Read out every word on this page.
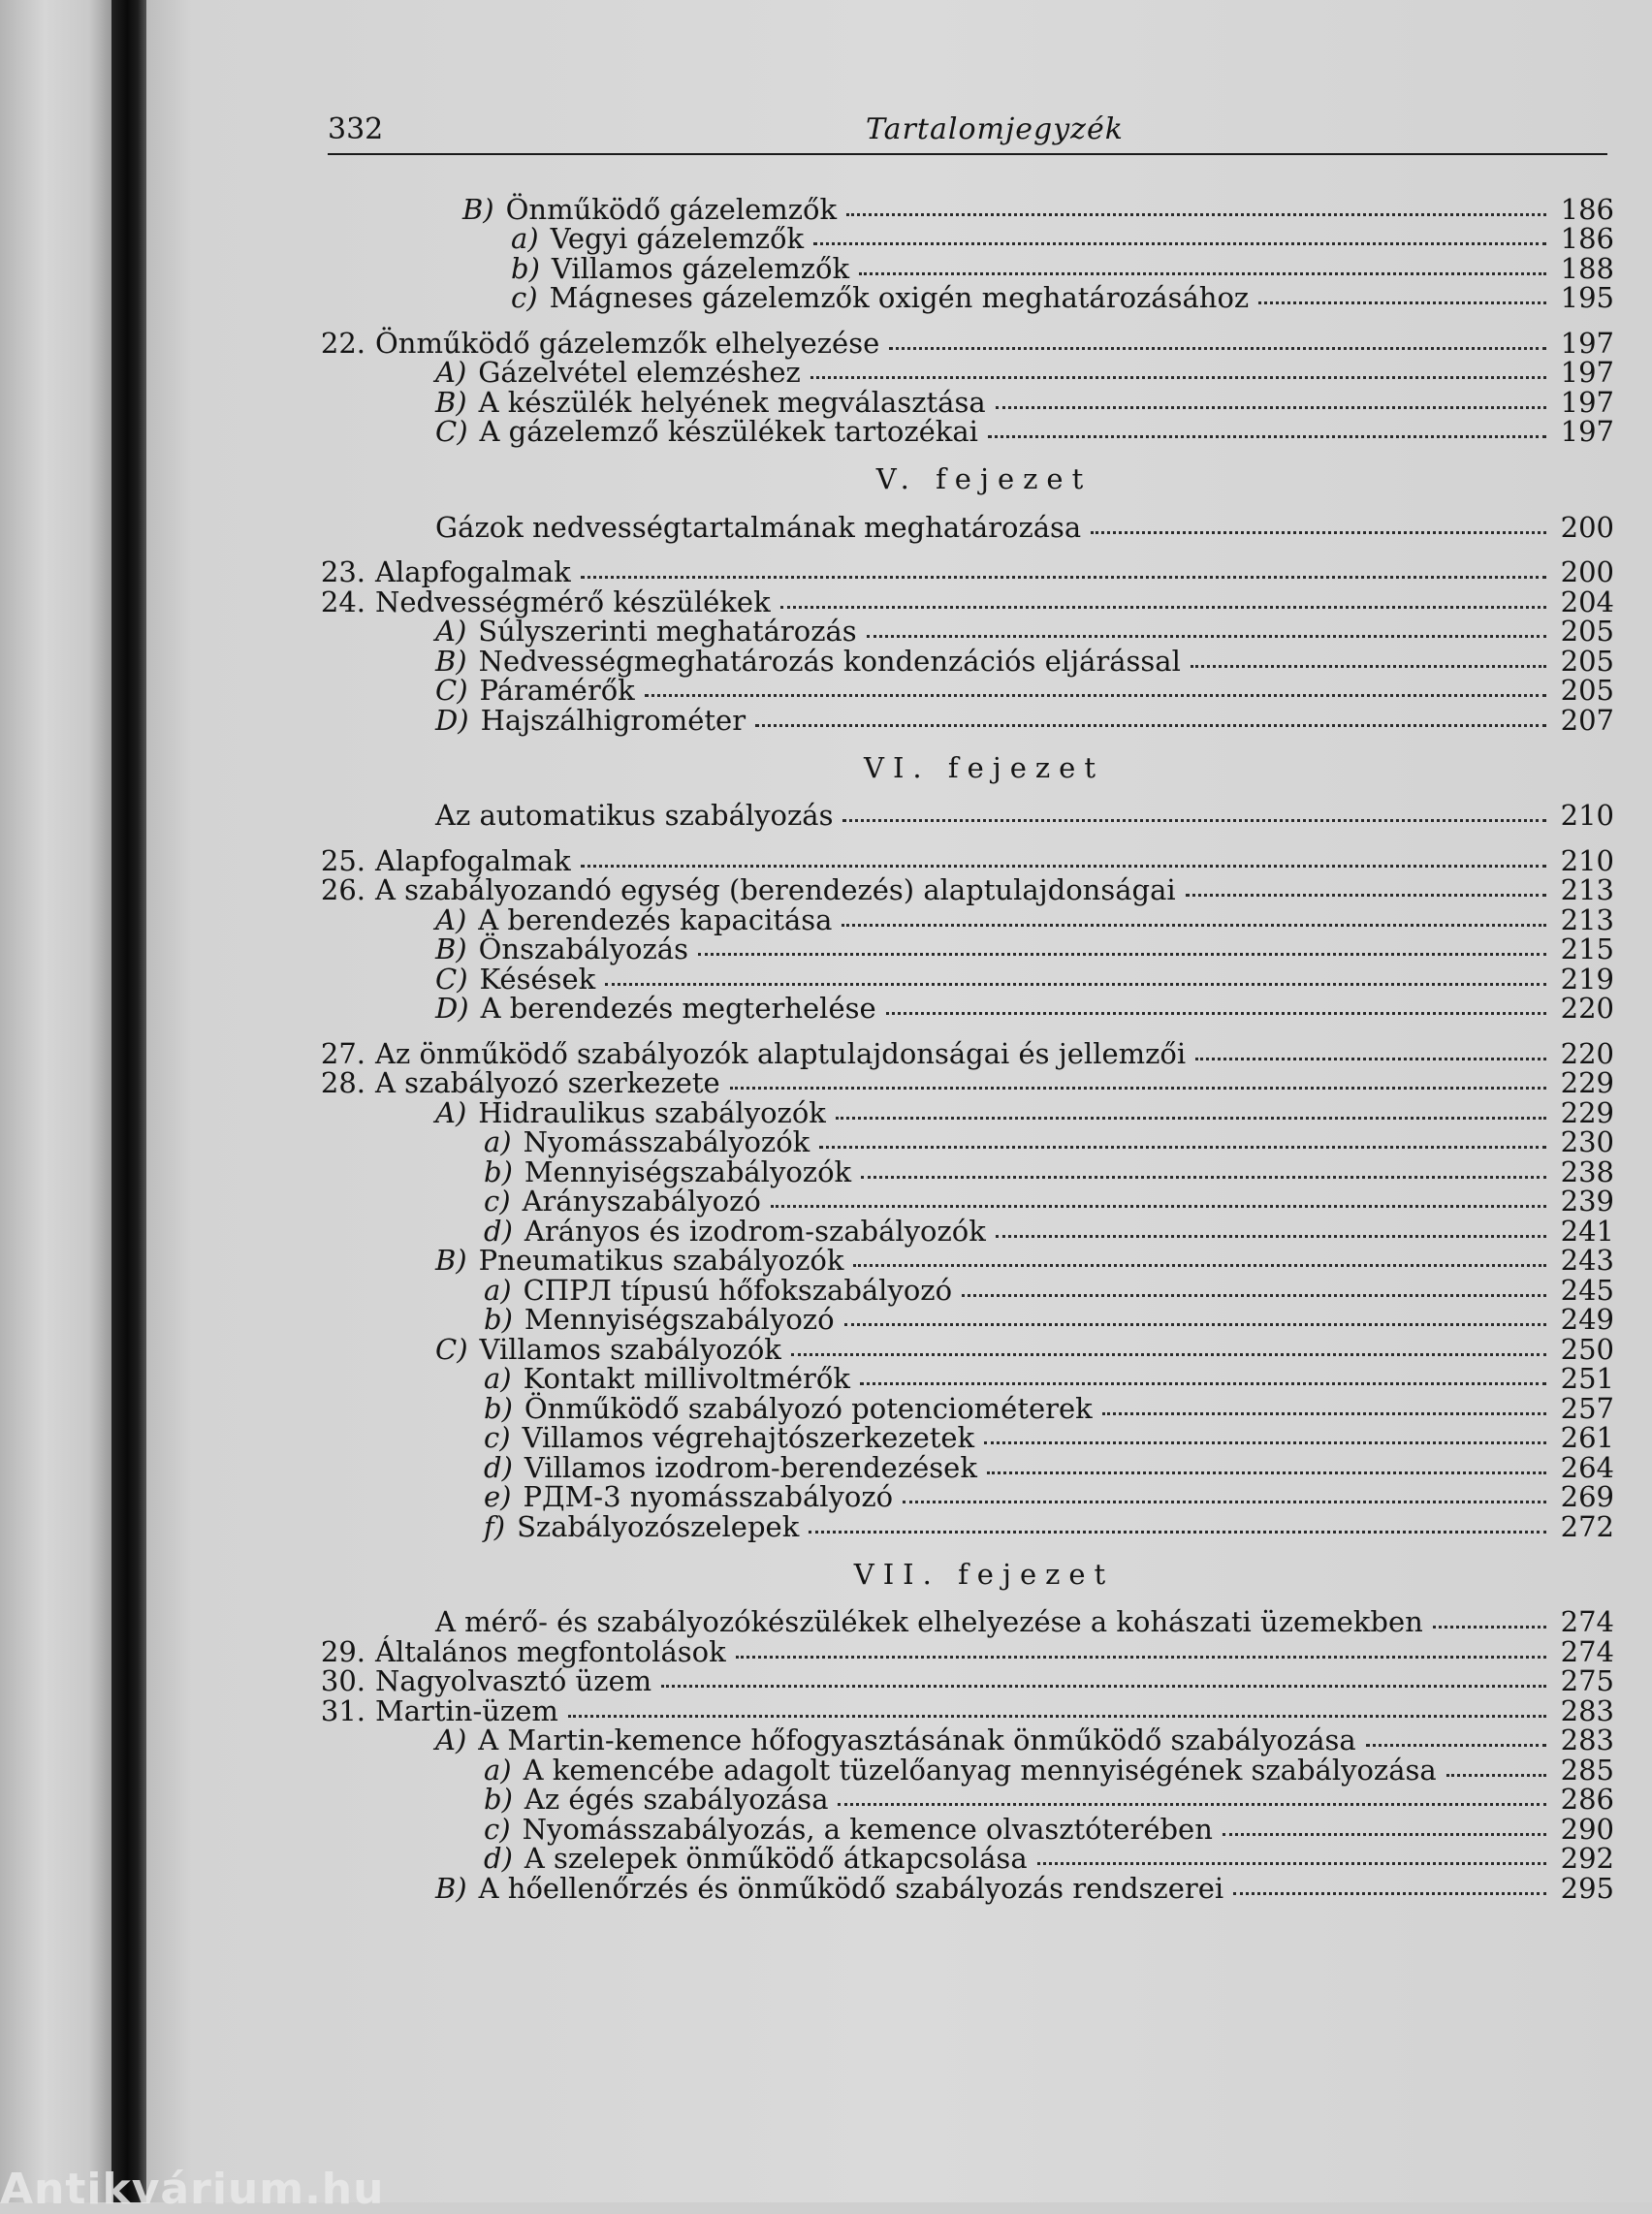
332	Tartalomjegyzék
B) Önműködő gázelemzők	186
a) Vegyi gázelemzők	186
b) Villamos gázelemzők	188
c) Mágneses gázelemzők oxigén meghatározásához	195
22. Önműködő gázelemzők elhelyezése	197
A) Gázelvétel elemzéshez	197
B) A készülék helyének megválasztása	197
C) A gázelemző készülékek tartozékai	197
V. fejezet
Gázok nedvességtartalmának meghatározása	200
23. Alapfogalmak	200
24. Nedvességmérő készülékek	204
A) Súlyszerinti meghatározás	205
B) Nedvességmeghatározás kondenzációs eljárással	205
C) Páramérők	205
D) Hajszálhigrométer	207
VI. fejezet
Az automatikus szabályozás	210
25. Alapfogalmak	210
26. A szabályozandó egység (berendezés) alaptulajdonságai	213
A) A berendezés kapacitása	213
B) Önszabályozás	215
C) Késések	219
D) A berendezés megterhelése	220
27. Az önműködő szabályozók alaptulajdonságai és jellemzői	220
28. A szabályozó szerkezete	229
A) Hidraulikus szabályozók	229
a) Nyomásszabályozók	230
b) Mennyiségszabályozók	238
c) Arányszabályozó	239
d) Arányos és izodrom-szabályozók	241
B) Pneumatikus szabályozók	243
a) СПРЛ típusú hőfokszabályozó	245
b) Mennyiségszabályozó	249
C) Villamos szabályozók	250
a) Kontakt millivoltmérők	251
b) Önműködő szabályozó potenciométerek	257
c) Villamos végrehajtószerkezetek	261
d) Villamos izodrom-berendezések	264
e) РДМ-3 nyomásszabályozó	269
f) Szabályozószelepek	272
VII. fejezet
A mérő- és szabályozókészülékek elhelyezése a kohászati üzemekben	274
29. Általános megfontolások	274
30. Nagyolvasztó üzem	275
31. Martin-üzem	283
A) A Martin-kemence hőfogyasztásának önműködő szabályozása	283
a) A kemencébe adagolt tüzelőanyag mennyiségének szabályozása	285
b) Az égés szabályozása	286
c) Nyomásszabályozás, a kemence olvasztóterében	290
d) A szelepek önműködő átkapcsolása	292
B) A hőellenőrzés és önműködő szabályozás rendszerei	295
Antikvárium.hu
